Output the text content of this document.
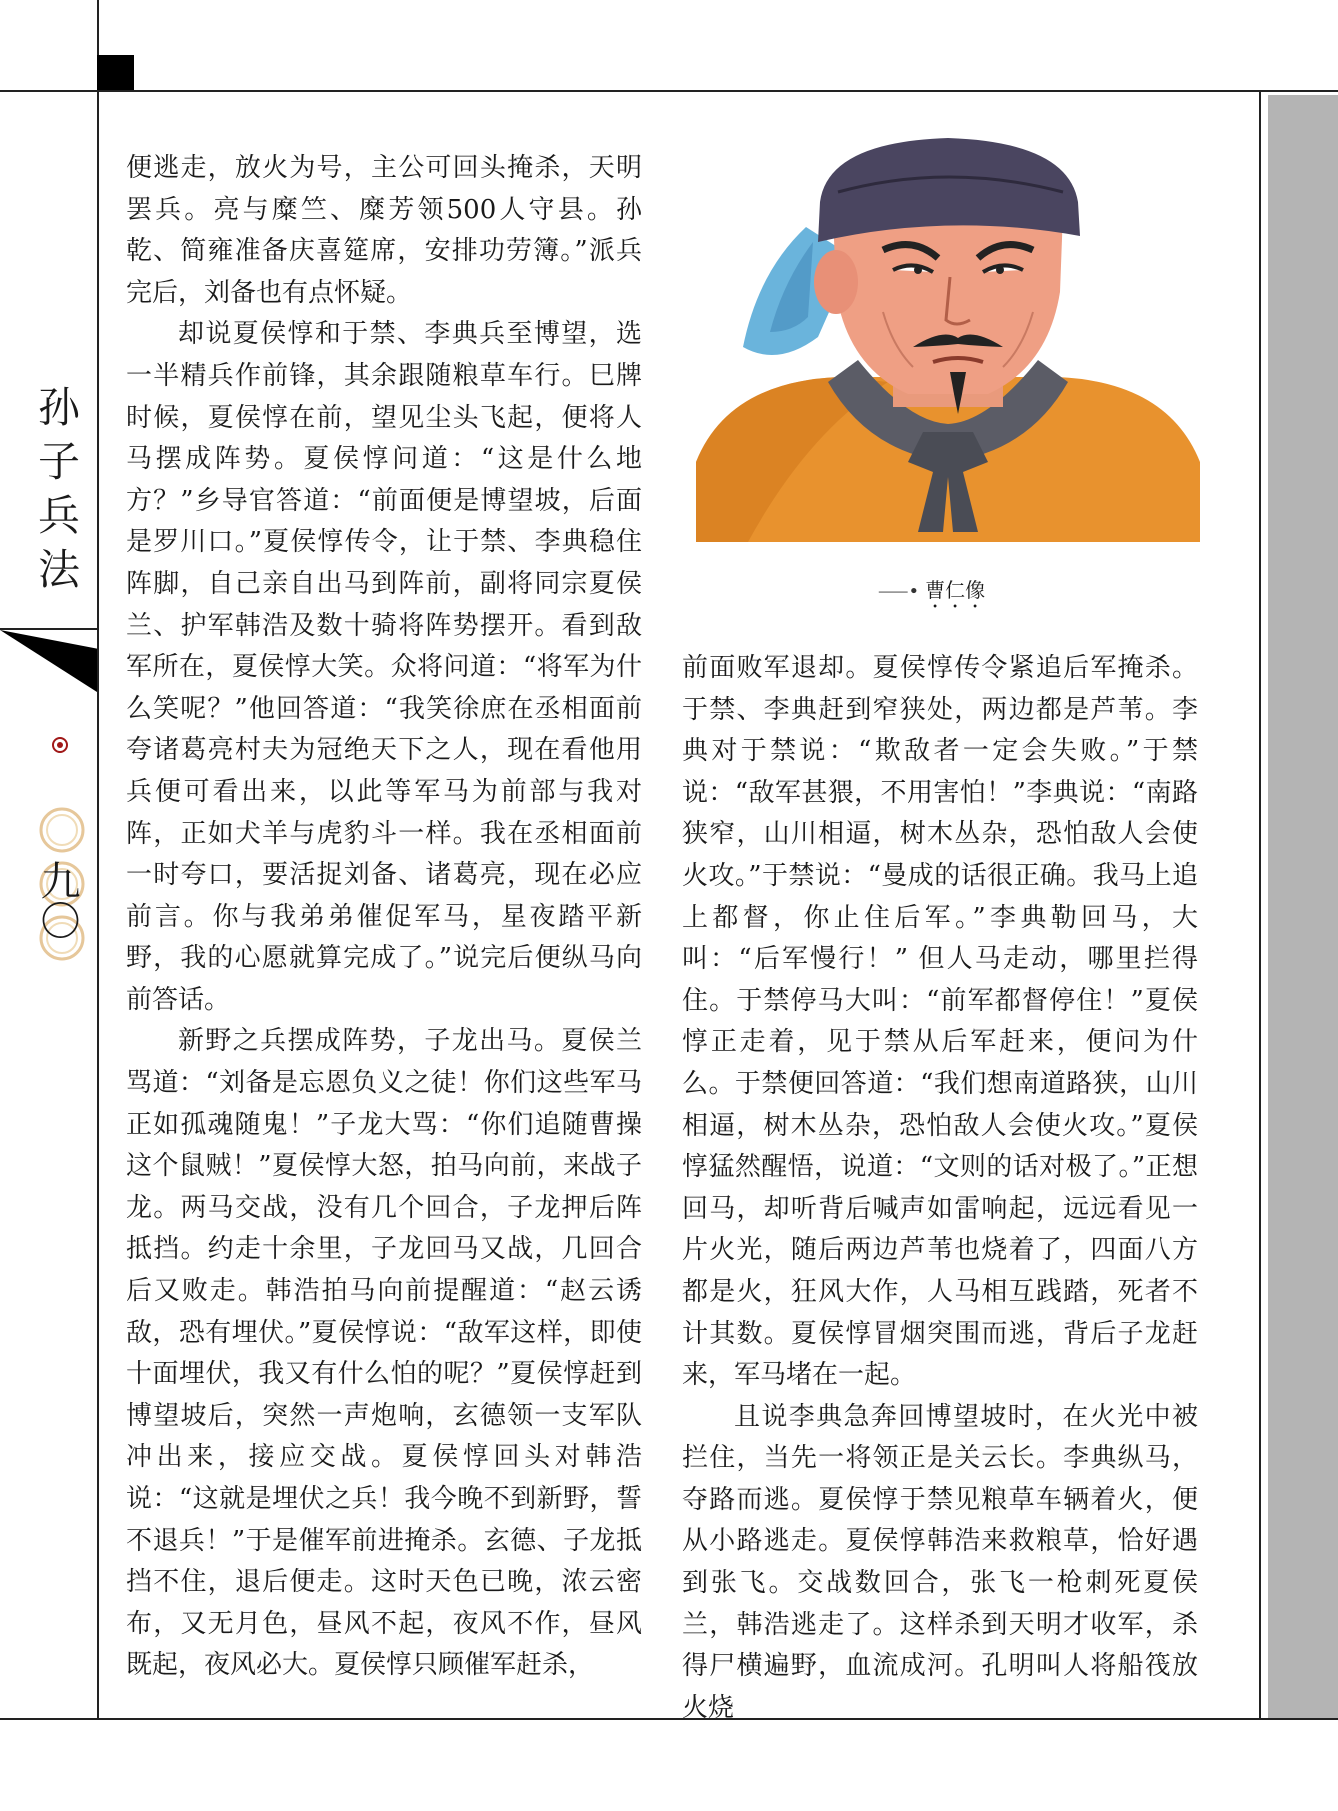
孙子兵法
九〇

便逃走，放火为号，主公可回头掩杀，天明罢兵。亮与糜竺、糜芳领500人守县。孙乾、简雍准备庆喜筵席，安排功劳簿。”派兵完后，刘备也有点怀疑。

却说夏侯惇和于禁、李典兵至博望，选一半精兵作前锋，其余跟随粮草车行。巳牌时候，夏侯惇在前，望见尘头飞起，便将人马摆成阵势。夏侯惇问道：“这是什么地方？”乡导官答道：“前面便是博望坡，后面是罗川口。”夏侯惇传令，让于禁、李典稳住阵脚，自己亲自出马到阵前，副将同宗夏侯兰、护军韩浩及数十骑将阵势摆开。看到敌军所在，夏侯惇大笑。众将问道：“将军为什么笑呢？”他回答道：“我笑徐庶在丞相面前夸诸葛亮村夫为冠绝天下之人，现在看他用兵便可看出来，以此等军马为前部与我对阵，正如犬羊与虎豹斗一样。我在丞相面前一时夸口，要活捉刘备、诸葛亮，现在必应前言。你与我弟弟催促军马，星夜踏平新野，我的心愿就算完成了。”说完后便纵马向前答话。

新野之兵摆成阵势，子龙出马。夏侯兰骂道：“刘备是忘恩负义之徒！你们这些军马正如孤魂随鬼！”子龙大骂：“你们追随曹操这个鼠贼！”夏侯惇大怒，拍马向前，来战子龙。两马交战，没有几个回合，子龙押后阵抵挡。约走十余里，子龙回马又战，几回合后又败走。韩浩拍马向前提醒道：“赵云诱敌，恐有埋伏。”夏侯惇说：“敌军这样，即使十面埋伏，我又有什么怕的呢？”夏侯惇赶到博望坡后，突然一声炮响，玄德领一支军队冲出来，接应交战。夏侯惇回头对韩浩说：“这就是埋伏之兵！我今晚不到新野，誓不退兵！”于是催军前进掩杀。玄德、子龙抵挡不住，退后便走。这时天色已晚，浓云密布，又无月色，昼风不起，夜风不作，昼风既起，夜风必大。夏侯惇只顾催军赶杀，

⸺• 曹仁像

前面败军退却。夏侯惇传令紧追后军掩杀。于禁、李典赶到窄狭处，两边都是芦苇。李典对于禁说：“欺敌者一定会失败。”于禁说：“敌军甚猥，不用害怕！”李典说：“南路狭窄，山川相逼，树木丛杂，恐怕敌人会使火攻。”于禁说：“曼成的话很正确。我马上追上都督，你止住后军。”李典勒回马，大叫：“后军慢行！” 但人马走动，哪里拦得住。于禁停马大叫：“前军都督停住！”夏侯惇正走着，见于禁从后军赶来，便问为什么。于禁便回答道：“我们想南道路狭，山川相逼，树木丛杂，恐怕敌人会使火攻。”夏侯惇猛然醒悟，说道：“文则的话对极了。”正想回马，却听背后喊声如雷响起，远远看见一片火光，随后两边芦苇也烧着了，四面八方都是火，狂风大作，人马相互践踏，死者不计其数。夏侯惇冒烟突围而逃，背后子龙赶来，军马堵在一起。

且说李典急奔回博望坡时，在火光中被拦住，当先一将领正是关云长。李典纵马，夺路而逃。夏侯惇于禁见粮草车辆着火，便从小路逃走。夏侯惇韩浩来救粮草，恰好遇到张飞。交战数回合，张飞一枪刺死夏侯兰，韩浩逃走了。这样杀到天明才收军，杀得尸横遍野，血流成河。孔明叫人将船筏放火烧
